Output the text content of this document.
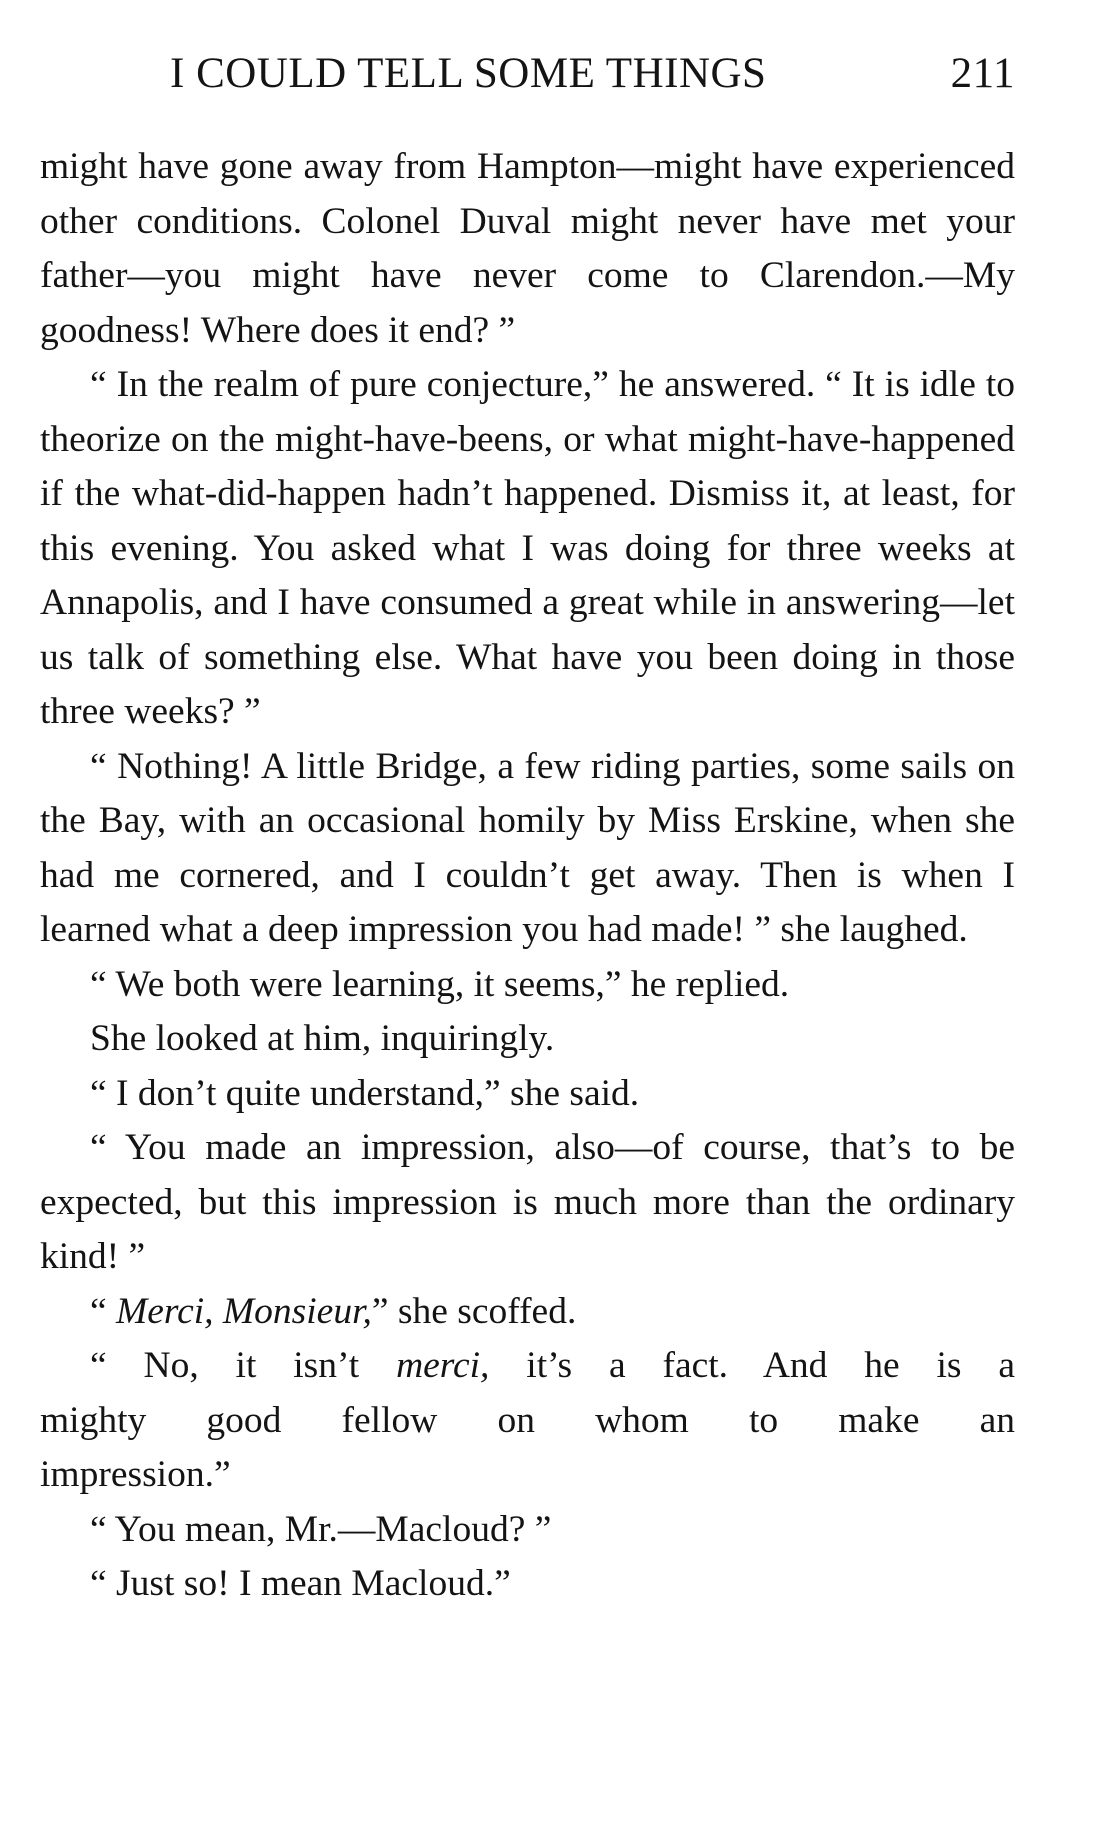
I COULD TELL SOME THINGS	211

might have gone away from Hampton—might have experienced other conditions. Colonel Duval might never have met your father—you might have never come to Clarendon.—My goodness! Where does it end? ”

“ In the realm of pure conjecture,” he answered. “ It is idle to theorize on the might-have-beens, or what might-have-happened if the what-did-happen hadn’t happened. Dismiss it, at least, for this evening. You asked what I was doing for three weeks at Annapolis, and I have consumed a great while in answering—let us talk of something else. What have you been doing in those three weeks? ”

“ Nothing! A little Bridge, a few riding parties, some sails on the Bay, with an occasional homily by Miss Erskine, when she had me cornered, and I couldn’t get away. Then is when I learned what a deep impression you had made! ” she laughed.

“ We both were learning, it seems,” he replied.

She looked at him, inquiringly.

“ I don’t quite understand,” she said.

“ You made an impression, also—of course, that’s to be expected, but this impression is much more than the ordinary kind! ”

“ Merci, Monsieur,” she scoffed.

“ No, it isn’t merci, it’s a fact. And he is a
mighty good fellow on whom to make an
impression.”

“ You mean, Mr.—Macloud? ”

“ Just so! I mean Macloud.”
